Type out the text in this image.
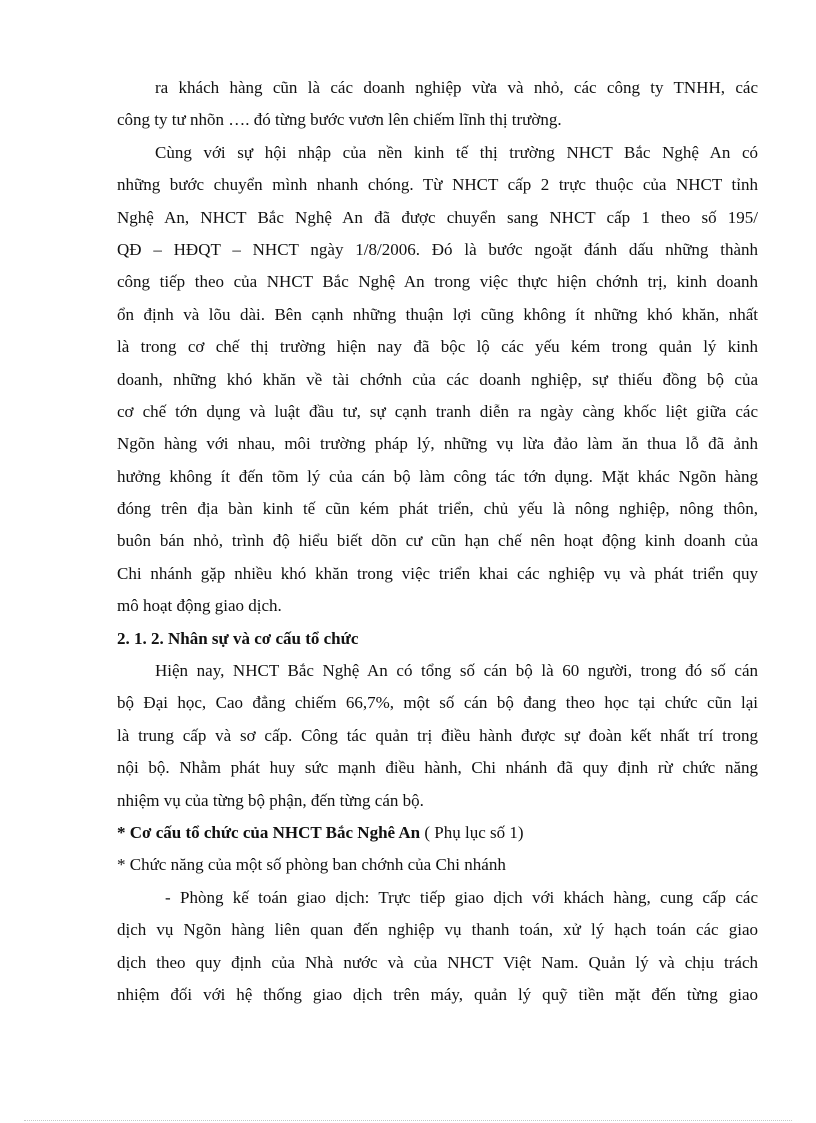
ra khách hàng cũn là các doanh nghiệp vừa và nhỏ, các công ty TNHH, các
công ty tư nhõn …. đó từng bước vươn lên chiếm lĩnh thị trường.
Cùng với sự hội nhập của nền kinh tế thị trường NHCT Bắc Nghệ An có
những bước chuyển mình nhanh chóng. Từ NHCT cấp 2 trực thuộc của NHCT tỉnh
Nghệ An, NHCT Bắc Nghệ An đã được chuyển sang NHCT cấp 1 theo số 195/
QĐ – HĐQT – NHCT ngày 1/8/2006. Đó là bước ngoặt đánh dấu những thành
công tiếp theo của NHCT Bắc Nghệ An trong việc thực hiện chớnh trị, kinh doanh
ổn định và lõu dài. Bên cạnh những thuận lợi cũng không ít những khó khăn, nhất
là trong cơ chế thị trường hiện nay đã bộc lộ các yếu kém trong quản lý kinh
doanh, những khó khăn về tài chớnh của các doanh nghiệp, sự thiếu đồng bộ của
cơ chế tớn dụng và luật đầu tư, sự cạnh tranh diễn ra ngày càng khốc liệt giữa các
Ngõn hàng với nhau, môi trường pháp lý, những vụ lừa đảo làm ăn thua lỗ đã ảnh
hưởng không ít đến tõm lý của cán bộ làm công tác tớn dụng. Mặt khác Ngõn hàng
đóng trên địa bàn kinh tế cũn kém phát triển, chủ yếu là nông nghiệp, nông thôn,
buôn bán nhỏ, trình độ hiểu biết dõn cư cũn hạn chế nên hoạt động kinh doanh của
Chi nhánh gặp nhiều khó khăn trong việc triển khai các nghiệp vụ và phát triển quy
mô hoạt động giao dịch.
2. 1. 2. Nhân sự và cơ cấu tổ chức
Hiện nay, NHCT Bắc Nghệ An có tổng số cán bộ là 60 người, trong đó số cán
bộ Đại học, Cao đẳng chiếm 66,7%, một số cán bộ đang theo học tại chức cũn lại
là trung cấp và sơ cấp. Công tác quản trị điều hành được sự đoàn kết nhất trí trong
nội bộ. Nhằm phát huy sức mạnh điều hành, Chi nhánh đã quy định rừ chức năng
nhiệm vụ của từng bộ phận, đến từng cán bộ.
* Cơ cấu tổ chức của NHCT Bắc Nghê An ( Phụ lục số 1)
* Chức năng của một số phòng ban chớnh của Chi nhánh
- Phòng kế toán giao dịch: Trực tiếp giao dịch với khách hàng, cung cấp các
dịch vụ Ngõn hàng liên quan đến nghiệp vụ thanh toán, xử lý hạch toán các giao
dịch theo quy định của Nhà nước và của NHCT Việt Nam. Quản lý và chịu trách
nhiệm đối với hệ thống giao dịch trên máy, quản lý quỹ tiền mặt đến từng giao
